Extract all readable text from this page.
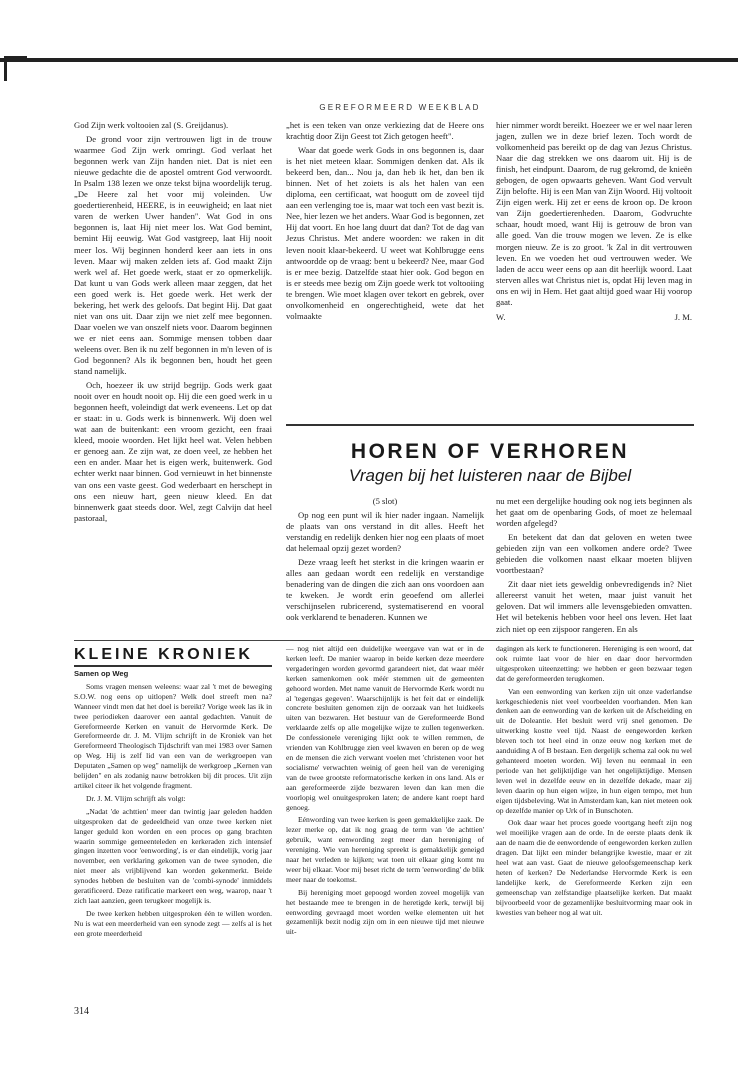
GEREFORMEERD WEEKBLAD

God Zijn werk voltooien zal (S. Greijdanus).

De grond voor zijn vertrouwen ligt in de trouw waarmee God Zijn werk omringt. God verlaat het begonnen werk van Zijn handen niet. Dat is niet een nieuwe gedachte die de apostel omtrent God verwoordt. In Psalm 138 lezen we onze tekst bijna woordelijk terug. „De Heere zal het voor mij voleinden. Uw goedertierenheid, HEERE, is in eeuwigheid; en laat niet varen de werken Uwer handen". Wat God in ons begonnen is, laat Hij niet meer los. Wat God bemint, bemint Hij eeuwig. Wat God vastgreep, laat Hij nooit meer los. Wij beginnen honderd keer aan iets in ons leven. Maar wij maken zelden iets af. God maakt Zijn werk wel af. Het goede werk, staat er zo opmerkelijk. Dat kunt u van Gods werk alleen maar zeggen, dat het een goed werk is. Het goede werk. Het werk der bekering, het werk des geloofs. Dat begint Hij. Dat gaat niet van ons uit. Daar zijn we niet zelf mee begonnen. Daar voelen we van onszelf niets voor. Daarom beginnen we er niet eens aan. Sommige mensen tobben daar weleens over. Ben ik nu zelf begonnen in m'n leven of is God begonnen? Als ik begonnen ben, houdt het geen stand namelijk.

Och, hoezeer ik uw strijd begrijp. Gods werk gaat nooit over en houdt nooit op. Hij die een goed werk in u begonnen heeft, voleindigt dat werk eveneens. Let op dat er staat: in u. Gods werk is binnenwerk. Wij doen wel wat aan de buitenkant: een vroom gezicht, een fraai kleed, mooie woorden. Het lijkt heel wat. Velen hebben er genoeg aan. Ze zijn wat, ze doen veel, ze hebben het een en ander. Maar het is eigen werk, buitenwerk. God echter werkt naar binnen. God vernieuwt in het binnenste van ons een vaste geest. God wederbaart en herschept in ons een nieuw hart, geen nieuw kleed. En dat binnenwerk gaat steeds door. Wel, zegt Calvijn dat heel pastoraal,

„het is een teken van onze verkiezing dat de Heere ons krachtig door Zijn Geest tot Zich getogen heeft".

Waar dat goede werk Gods in ons begonnen is, daar is het niet meteen klaar. Sommigen denken dat. Als ik bekeerd ben, dan... Nou ja, dan heb ik het, dan ben ik binnen. Net of het zoiets is als het halen van een diploma, een certificaat, wat hoogutt om de zoveel tijd aan een verlenging toe is, maar wat toch een vast bezit is. Nee, hier lezen we het anders. Waar God is begonnen, zet Hij dat voort. En hoe lang duurt dat dan? Tot de dag van Jezus Christus. Met andere woorden: we raken in dit leven nooit klaar-bekeerd. U weet wat Kohlbrugge eens antwoordde op de vraag: bent u bekeerd? Nee, maar God is er mee bezig. Datzelfde staat hier ook. God begon en is er steeds mee bezig om Zijn goede werk tot voltooiing te brengen. Wie moet klagen over tekort en gebrek, over onvolkomenheid en ongerechtigheid, wete dat het volmaakte

hier nimmer wordt bereikt. Hoezeer we er wel naar leren jagen, zullen we in deze brief lezen. Toch wordt de volkomenheid pas bereikt op de dag van Jezus Christus. Naar die dag strekken we ons daarom uit. Hij is de finish, het eindpunt. Daarom, de rug gekromd, de knieën gebogen, de ogen opwaarts geheven. Want God vervult Zijn belofte. Hij is een Man van Zijn Woord. Hij voltooit Zijn eigen werk. Hij zet er eens de kroon op. De kroon van Zijn goedertierenheden. Daarom, Godvruchte schaar, houdt moed, want Hij is getrouw de bron van alle goed. Van die trouw mogen we leven. Ze is elke morgen nieuw. Ze is zo groot. 'k Zal in dit vertrouwen leven. En we voeden het oud vertrouwen weder. We laden de accu weer eens op aan dit heerlijk woord. Laat sterven alles wat Christus niet is, opdat Hij leven mag in ons en wij in Hem. Het gaat altijd goed waar Hij voorop gaat.

W.	J. M.
HOREN OF VERHOREN
Vragen bij het luisteren naar de Bijbel

(5 slot)

Op nog een punt wil ik hier nader ingaan. Namelijk de plaats van ons verstand in dit alles. Heeft het verstandig en redelijk denken hier nog een plaats of moet dat helemaal opzij gezet worden?

Deze vraag leeft het sterkst in die kringen waarin er alles aan gedaan wordt een redelijk en verstandige benadering van de dingen die zich aan ons voordoen aan te kweken. Je wordt erin geoefend om allerlei verschijnselen rubricerend, systematiserend en vooral ook verklarend te benaderen. Kunnen we

nu met een dergelijke houding ook nog iets beginnen als het gaat om de openbaring Gods, of moet ze helemaal worden afgelegd?

En betekent dat dan dat geloven en weten twee gebieden zijn van een volkomen andere orde? Twee gebieden die volkomen naast elkaar moeten blijven voortbestaan?

Zit daar niet iets geweldig onbevredigends in? Niet allereerst vanuit het weten, maar juist vanuit het geloven. Dat wil immers alle levensgebieden omvatten. Het wil betekenis hebben voor heel ons leven. Het laat zich niet op een zijspoor rangeren. En als

KLEINE KRONIEK

Samen op Weg

Soms vragen mensen weleens: waar zal 't met de beweging S.O.W. nog eens op uitlopen? Welk doel streeft men na? Wanneer vindt men dat het doel is bereikt? Vorige week las ik in twee periodieken daarover een aantal gedachten. Vanuit de Gereformeerde Kerken en vanuit de Hervormde Kerk. De Gereformeerde dr. J. M. Vlijm schrijft in de Kroniek van het Gereformeerd Theologisch Tijdschrift van mei 1983 over Samen op Weg. Hij is zelf lid van een van de werkgroepen van Deputaten „Samen op weg" namelijk de werkgroep „Kernen van belijden" en als zodanig nauw betrokken bij dit proces. Uit zijn artikel citeer ik het volgende fragment.

Dr. J. M. Vlijm schrijft als volgt:

„Nadat 'de achttien' meer dan twintig jaar geleden hadden uitgesproken dat de gedeeldheid van onze twee kerken niet langer geduld kon worden en een proces op gang brachten waarin sommige gemeenteleden en kerkeraden zich intensief gingen inzetten voor 'eenwording', is er dan eindelijk, vorig jaar november, een verklaring gekomen van de twee synoden, die niet meer als vrijblijvend kan worden gekenmerkt. Beide synodes hebben de besluiten van de 'combi-synode' inmiddels geratificeerd. Deze ratificatie markeert een weg, waarop, naar 't zich laat aanzien, geen terugkeer mogelijk is.

De twee kerken hebben uitgesproken één te willen worden. Nu is wat een meerderheid van een synode zegt — zelfs al is het een grote meerderheid

— nog niet altijd een duidelijke weergave van wat er in de kerken leeft. De manier waarop in beide kerken deze meerdere vergaderingen worden gevormd garandeert niet, dat waar méér kerken samenkomen ook méér stemmen uit de gemeenten gehoord worden. Met name vanuit de Hervormde Kerk wordt nu al 'tegengas gegeven'. Waarschijnlijk is het feit dat er eindelijk concrete besluiten genomen zijn de oorzaak van het luidkeels uiten van bezwaren. Het bestuur van de Gereformeerde Bond verklaarde zelfs op alle mogelijke wijze te zullen tegenwerken. De confessionele vereniging lijkt ook te willen remmen, de vrienden van Kohlbrugge zien veel kwaven en beren op de weg en de mensen die zich verwant voelen met 'christenen voor het socialisme' verwachten weinig of geen heil van de vereniging van de twee grootste reformatorische kerken in ons land. Als er aan gereformeerde zijde bezwaren leven dan kan men die voorlopig wel onuitgesproken laten; de andere kant roept hard genoeg.

Eénwording van twee kerken is geen gemakkelijke zaak. De lezer merke op, dat ik nog graag de term van 'de achttien' gebruik, want eenwording zegt meer dan hereniging of vereniging. Wie van hereniging spreekt is gemakkelijk geneigd naar het verleden te kijken; wat toen uit elkaar ging komt nu weer bij elkaar. Voor mij beset richt de term 'eenwording' de blik meer naar de toekomst.

Bij hereniging moet gepoogd worden zoveel mogelijk van het bestaande mee te brengen in de heretigde kerk, terwijl bij eenwording gevraagd moet worden welke elementen uit het gezamenlijk bezit nodig zijn om in een nieuwe tijd met nieuwe uit-

dagingen als kerk te functioneren. Hereniging is een woord, dat ook ruimte laat voor de hier en daar door hervormden uitgesproken uiteenzetting: we hebben er geen bezwaar tegen dat de gereformeerden terugkomen.

Van een eenwording van kerken zijn uit onze vaderlandse kerkgeschiedenis niet veel voorbeelden voorhanden. Men kan denken aan de eenwording van de kerken uit de Afscheiding en uit de Doleantie. Het besluit werd vrij snel genomen. De uitwerking kostte veel tijd. Naast de eengeworden kerken bleven toch tot heel eind in onze eeuw nog kerken met de aanduiding A of B bestaan. Een dergelijk schema zal ook nu wel gehanteerd moeten worden. Wij leven nu eenmaal in een periode van het gelijktijdige van het ongelijktijdige. Mensen leven wel in dezelfde eeuw en in dezelfde dekade, maar zij leven daarin op hun eigen wijze, in hun eigen tempo, met hun eigen tijdsbeleving. Wat in Amsterdam kan, kan niet meteen ook op dezelfde manier op Urk of in Bunschoten.

Ook daar waar het proces goede voortgang heeft zijn nog wel moeilijke vragen aan de orde. In de eerste plaats denk ik aan de naam die de eenwordende of eengeworden kerken zullen dragen. Dat lijkt een minder belangrijke kwestie, maar er zit heel wat aan vast. Gaat de nieuwe geloofsgemeenschap kerk heten of kerken? De Nederlandse Hervormde Kerk is een landelijke kerk, de Gereformeerde Kerken zijn een gemeenschap van zelfstandige plaatselijke kerken. Dat maakt bijvoorbeeld voor de gezamenlijke besluitvorming maar ook in kwesties van beheer nog al wat uit.

314
